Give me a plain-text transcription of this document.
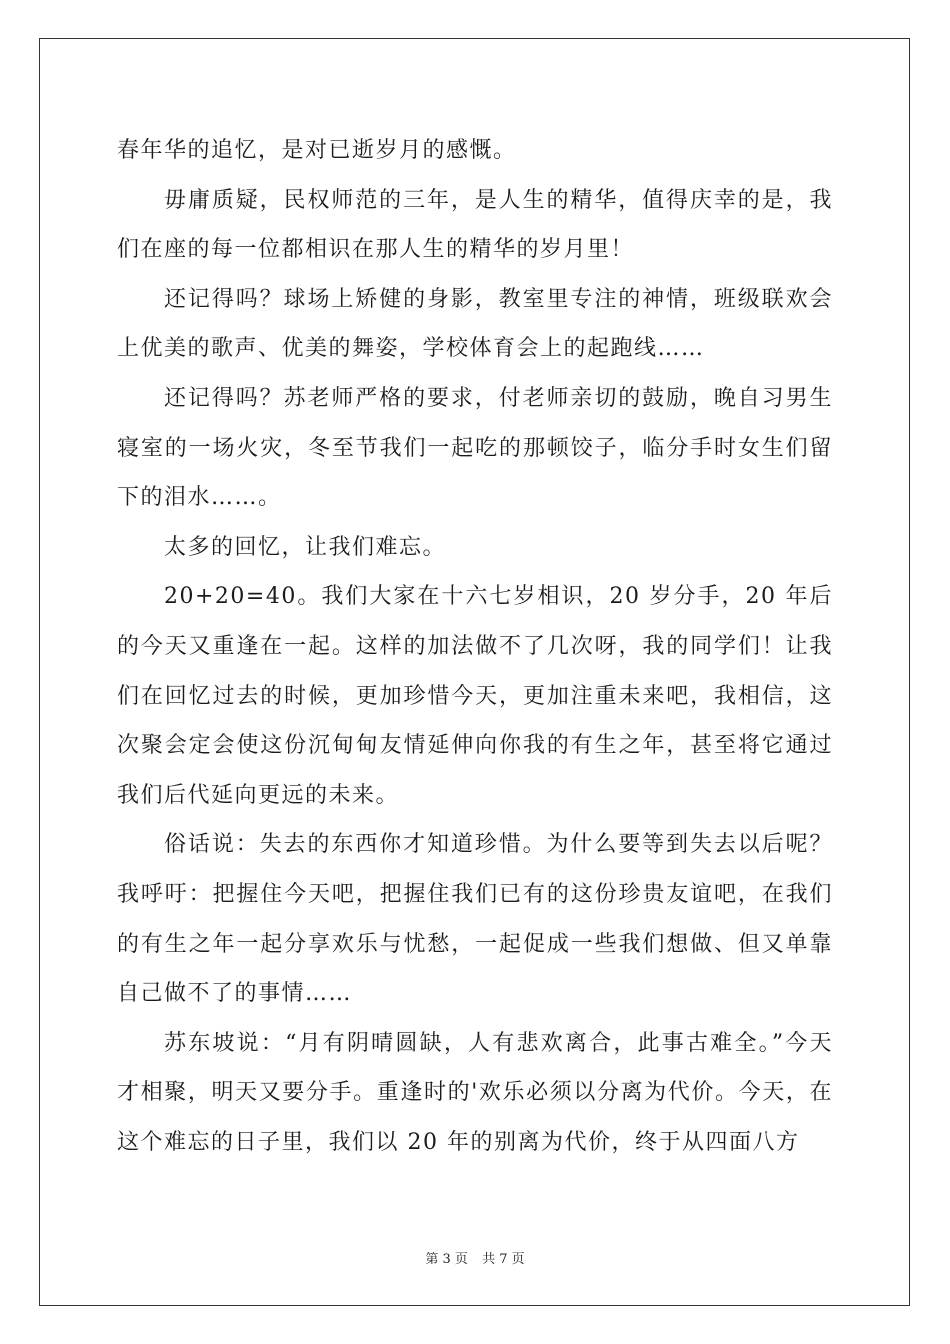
春年华的追忆，是对已逝岁月的感慨。

毋庸质疑，民权师范的三年，是人生的精华，值得庆幸的是，我们在座的每一位都相识在那人生的精华的岁月里！

还记得吗？球场上矫健的身影，教室里专注的神情，班级联欢会上优美的歌声、优美的舞姿，学校体育会上的起跑线……

还记得吗？苏老师严格的要求，付老师亲切的鼓励，晚自习男生寝室的一场火灾，冬至节我们一起吃的那顿饺子，临分手时女生们留下的泪水……。

太多的回忆，让我们难忘。

20+20=40。我们大家在十六七岁相识，20 岁分手，20 年后的今天又重逢在一起。这样的加法做不了几次呀，我的同学们！让我们在回忆过去的时候，更加珍惜今天，更加注重未来吧，我相信，这次聚会定会使这份沉甸甸友情延伸向你我的有生之年，甚至将它通过我们后代延向更远的未来。

俗话说：失去的东西你才知道珍惜。为什么要等到失去以后呢？我呼吁：把握住今天吧，把握住我们已有的这份珍贵友谊吧，在我们的有生之年一起分享欢乐与忧愁，一起促成一些我们想做、但又单靠自己做不了的事情……

苏东坡说：“月有阴晴圆缺，人有悲欢离合，此事古难全。”今天才相聚，明天又要分手。重逢时的'欢乐必须以分离为代价。今天，在这个难忘的日子里，我们以 20 年的别离为代价，终于从四面八方

第 3 页 共 7 页
